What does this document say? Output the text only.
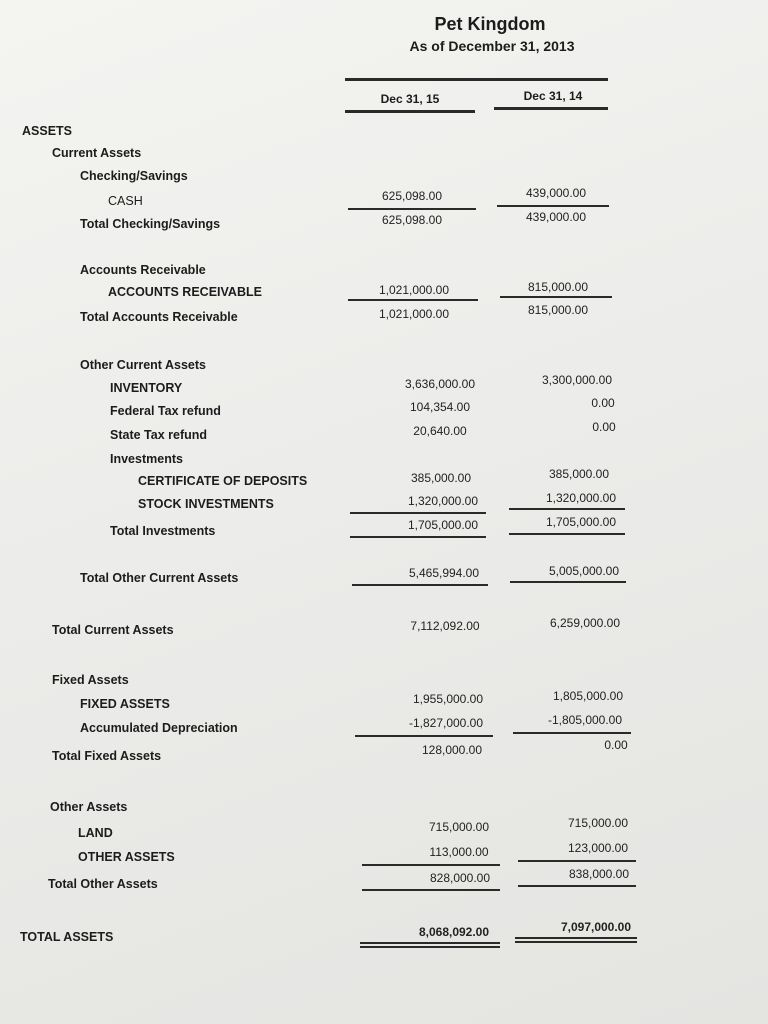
Pet Kingdom
As of December 31, 2013
Dec 31, 15	Dec 31, 14
ASSETS
Current Assets
Checking/Savings
CASH	625,098.00	439,000.00
Total Checking/Savings	625,098.00	439,000.00
Accounts Receivable
ACCOUNTS RECEIVABLE	1,021,000.00	815,000.00
Total Accounts Receivable	1,021,000.00	815,000.00
Other Current Assets
INVENTORY	3,636,000.00	3,300,000.00
Federal Tax refund	104,354.00	0.00
State Tax refund	20,640.00	0.00
Investments
CERTIFICATE OF DEPOSITS	385,000.00	385,000.00
STOCK INVESTMENTS	1,320,000.00	1,320,000.00
Total Investments	1,705,000.00	1,705,000.00
Total Other Current Assets	5,465,994.00	5,005,000.00
Total Current Assets	7,112,092.00	6,259,000.00
Fixed Assets
FIXED ASSETS	1,955,000.00	1,805,000.00
Accumulated Depreciation	-1,827,000.00	-1,805,000.00
Total Fixed Assets	128,000.00	0.00
Other Assets
LAND	715,000.00	715,000.00
OTHER ASSETS	113,000.00	123,000.00
Total Other Assets	828,000.00	838,000.00
TOTAL ASSETS	8,068,092.00	7,097,000.00
